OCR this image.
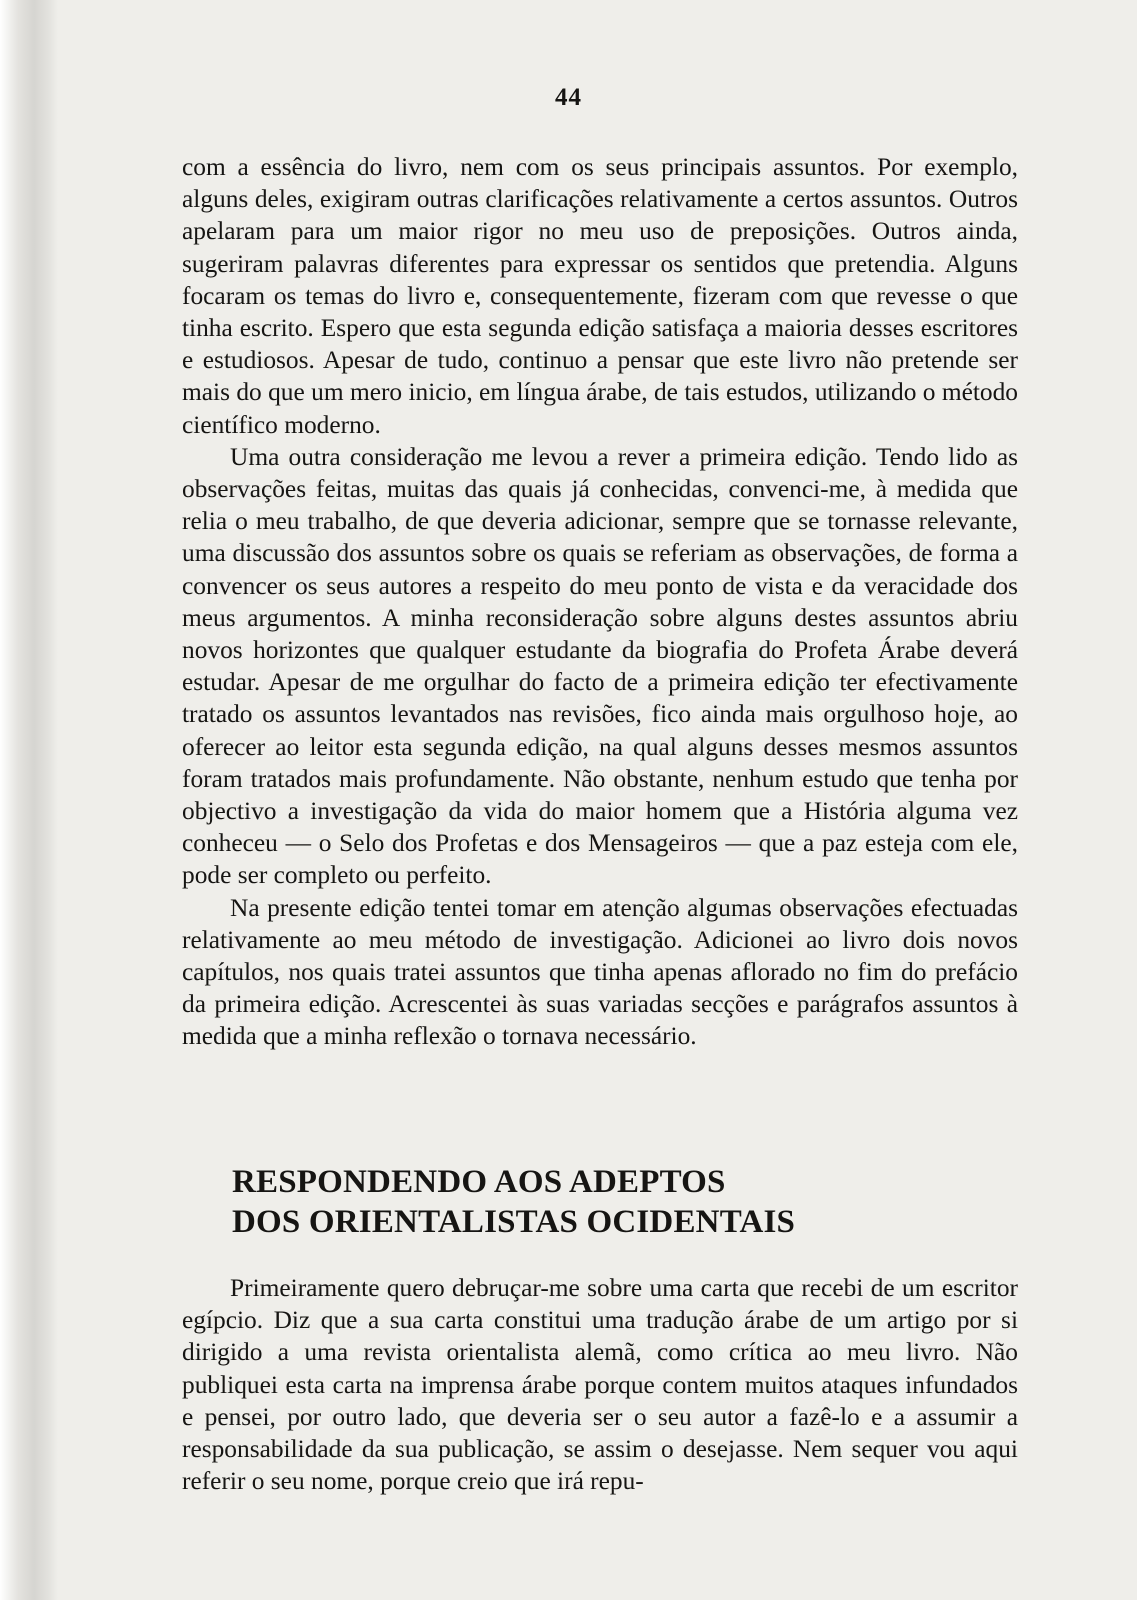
44

com a essência do livro, nem com os seus principais assuntos. Por exemplo, alguns deles, exigiram outras clarificações relativamente a certos assuntos. Outros apelaram para um maior rigor no meu uso de preposições. Outros ainda, sugeriram palavras diferentes para expressar os sentidos que pretendia. Alguns focaram os temas do livro e, consequentemente, fizeram com que revesse o que tinha escrito. Espero que esta segunda edição satisfaça a maioria desses escritores e estudiosos. Apesar de tudo, continuo a pensar que este livro não pretende ser mais do que um mero inicio, em língua árabe, de tais estudos, utilizando o método científico moderno.

Uma outra consideração me levou a rever a primeira edição. Tendo lido as observações feitas, muitas das quais já conhecidas, convenci-me, à medida que relia o meu trabalho, de que deveria adicionar, sempre que se tornasse relevante, uma discussão dos assuntos sobre os quais se referiam as observações, de forma a convencer os seus autores a respeito do meu ponto de vista e da veracidade dos meus argumentos. A minha reconsideração sobre alguns destes assuntos abriu novos horizontes que qualquer estudante da biografia do Profeta Árabe deverá estudar. Apesar de me orgulhar do facto de a primeira edição ter efectivamente tratado os assuntos levantados nas revisões, fico ainda mais orgulhoso hoje, ao oferecer ao leitor esta segunda edição, na qual alguns desses mesmos assuntos foram tratados mais profundamente. Não obstante, nenhum estudo que tenha por objectivo a investigação da vida do maior homem que a História alguma vez conheceu — o Selo dos Profetas e dos Mensageiros — que a paz esteja com ele, pode ser completo ou perfeito.

Na presente edição tentei tomar em atenção algumas observações efectuadas relativamente ao meu método de investigação. Adicionei ao livro dois novos capítulos, nos quais tratei assuntos que tinha apenas aflorado no fim do prefácio da primeira edição. Acrescentei às suas variadas secções e parágrafos assuntos à medida que a minha reflexão o tornava necessário.

RESPONDENDO AOS ADEPTOS
DOS ORIENTALISTAS OCIDENTAIS

Primeiramente quero debruçar-me sobre uma carta que recebi de um escritor egípcio. Diz que a sua carta constitui uma tradução árabe de um artigo por si dirigido a uma revista orientalista alemã, como crítica ao meu livro. Não publiquei esta carta na imprensa árabe porque contem muitos ataques infundados e pensei, por outro lado, que deveria ser o seu autor a fazê-lo e a assumir a responsabilidade da sua publicação, se assim o desejasse. Nem sequer vou aqui referir o seu nome, porque creio que irá repu-
